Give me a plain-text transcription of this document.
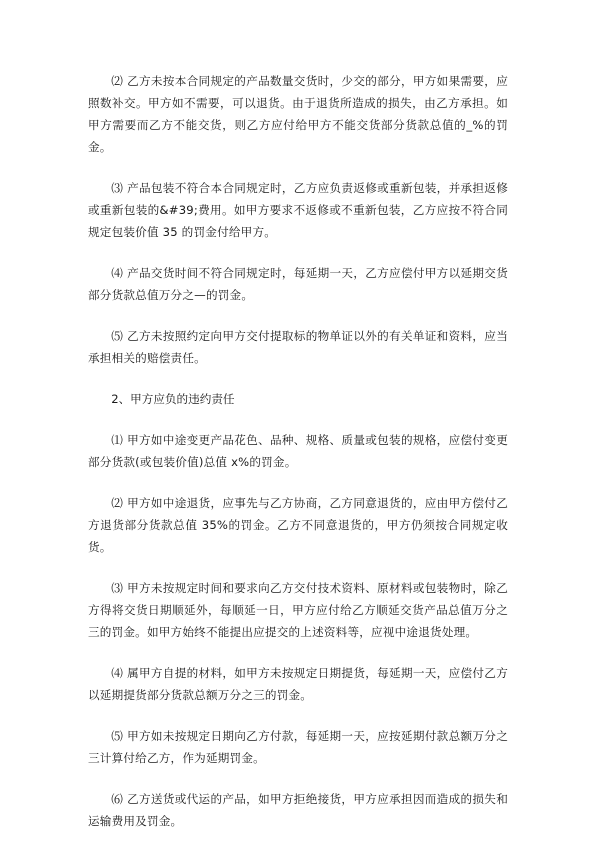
⑵ 乙方未按本合同规定的产品数量交货时，少交的部分，甲方如果需要，应照数补交。甲方如不需要，可以退货。由于退货所造成的损失，由乙方承担。如甲方需要而乙方不能交货，则乙方应付给甲方不能交货部分货款总值的_%的罚金。

⑶ 产品包装不符合本合同规定时，乙方应负责返修或重新包装，并承担返修或重新包装的&#39;费用。如甲方要求不返修或不重新包装，乙方应按不符合同规定包装价值 35 的罚金付给甲方。

⑷ 产品交货时间不符合同规定时，每延期一天，乙方应偿付甲方以延期交货部分货款总值万分之—的罚金。

⑸ 乙方未按照约定向甲方交付提取标的物单证以外的有关单证和资料，应当承担相关的赔偿责任。

2、甲方应负的违约责任

⑴ 甲方如中途变更产品花色、品种、规格、质量或包装的规格，应偿付变更部分货款(或包装价值)总值 x%的罚金。

⑵ 甲方如中途退货，应事先与乙方协商，乙方同意退货的，应由甲方偿付乙方退货部分货款总值 35%的罚金。乙方不同意退货的，甲方仍须按合同规定收货。

⑶ 甲方未按规定时间和要求向乙方交付技术资料、原材料或包装物时，除乙方得将交货日期顺延外，每顺延一日，甲方应付给乙方顺延交货产品总值万分之三的罚金。如甲方始终不能提出应提交的上述资料等，应视中途退货处理。

⑷ 属甲方自提的材料，如甲方未按规定日期提货，每延期一天，应偿付乙方以延期提货部分货款总额万分之三的罚金。

⑸ 甲方如未按规定日期向乙方付款，每延期一天，应按延期付款总额万分之三计算付给乙方，作为延期罚金。

⑹ 乙方送货或代运的产品，如甲方拒绝接货，甲方应承担因而造成的损失和运输费用及罚金。
